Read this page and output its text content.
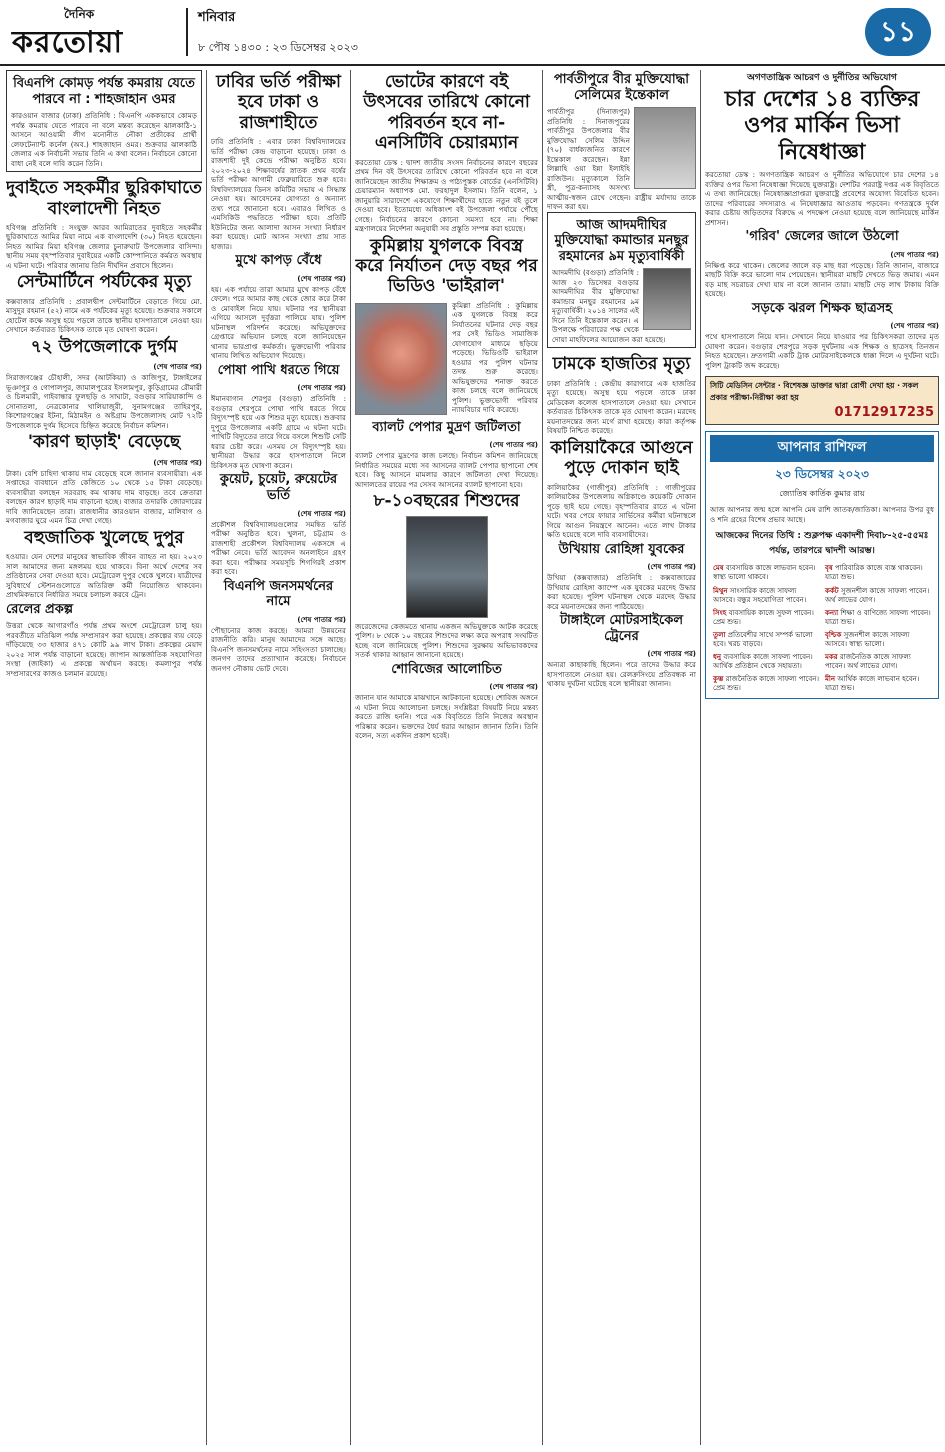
দৈনিক
করতোয়া
শনিবার
৮ পৌষ ১৪৩০ : ২৩ ডিসেম্বর ২০২৩	১১
বিএনপি কোমড় পর্যন্ত কমরায় যেতে পারবে না : শাহজাহান ওমর
কারওয়ান বাজার (ঢাকা) প্রতিনিধি : বিএনপি এককভাবে কোমড় পর্যন্ত কমরায় যেতে পারবে না বলে মন্তব্য করেছেন ঝালকাঠি-১ আসনে আওয়ামী লীগ মনোনীত নৌকা প্রতীকের প্রার্থী লেফটেন্যান্ট কর্নেল (অব.) শাহজাহান ওমর। শুক্রবার ঝালকাঠি জেলার এক নির্বাচনী সভায় তিনি এ কথা বলেন। নির্বাচনে কোনো বাধা নেই বলে দাবি করেন তিনি।
দুবাইতে সহকর্মীর ছুরিকাঘাতে বাংলাদেশী নিহত
হবিগঞ্জ প্রতিনিধি : সংযুক্ত আরব আমিরাতের দুবাইতে সহকর্মীর ছুরিকাঘাতে আমির মিয়া নামে এক বাংলাদেশি (৩০) নিহত হয়েছেন। নিহত আমির মিয়া হবিগঞ্জ জেলার চুনারুঘাট উপজেলার বাসিন্দা। স্থানীয় সময় বৃহস্পতিবার দুবাইয়ের একটি কোম্পানিতে কর্মরত অবস্থায় এ ঘটনা ঘটে। পরিবার জানায় তিনি দীর্ঘদিন প্রবাসে ছিলেন।
সেন্টমার্টিনে পর্যটকের মৃত্যু
কক্সবাজার প্রতিনিধি : প্রবালদ্বীপ সেন্টমার্টিনে বেড়াতে গিয়ে মো. মাসুদুর রহমান (৫২) নামে এক পর্যটকের মৃত্যু হয়েছে। শুক্রবার সকালে হোটেল কক্ষে অসুস্থ হয়ে পড়লে তাকে স্থানীয় হাসপাতালে নেওয়া হয়। সেখানে কর্তব্যরত চিকিৎসক তাকে মৃত ঘোষণা করেন।
৭২ উপজেলাকে দুর্গম
(শেষ পাতার পর)
সিরাজগঞ্জের চৌহালী, সদর (আটকিয়া) ও কাজিপুর, টাঙ্গাইলের ভূঞাপুর ও গোপালপুর, জামালপুরের ইসলামপুর, কুড়িগ্রামের রৌমারী ও চিলমারী, গাইবান্ধার ফুলছড়ি ও সাঘাটা, বগুড়ার সারিয়াকান্দি ও সোনাতলা, নেত্রকোনার খালিয়াজুরী, সুনামগঞ্জের তাহিরপুর, কিশোরগঞ্জের ইটনা, মিঠামইন ও অষ্টগ্রাম উপজেলাসহ মোট ৭২টি উপজেলাকে দুর্গম হিসেবে চিহ্নিত করেছে নির্বাচন কমিশন।
'কারণ ছাড়াই' বেড়েছে
(শেষ পাতার পর)
টাকা। বেশি চাহিদা থাকায় দাম বেড়েছে বলে জানান ব্যবসায়ীরা। এক সপ্তাহের ব্যবধানে প্রতি কেজিতে ১০ থেকে ১৫ টাকা বেড়েছে। ব্যবসায়ীরা বলছেন সরবরাহ কম থাকায় দাম বাড়ছে। তবে ক্রেতারা বলছেন কারণ ছাড়াই দাম বাড়ানো হচ্ছে। বাজার তদারকি জোরদারের দাবি জানিয়েছেন তারা। রাজধানীর কারওয়ান বাজার, মালিবাগ ও মগবাজার ঘুরে এমন চিত্র দেখা গেছে।
বহুজাতিক খুলেছে দুপুর
হওয়ার। যেন দেশের মানুষের স্বাভাবিক জীবন ব্যাহত না হয়। ২০২৩ সাল আমাদের জন্য মঙ্গলময় হয়ে থাকবে। বিনা অর্থে দেশের সব প্রতিষ্ঠানের সেবা দেওয়া হবে। মেট্রোরেল দুপুর থেকে খুলবে। যাত্রীদের সুবিধার্থে স্টেশনগুলোতে অতিরিক্ত কর্মী নিয়োজিত থাকবেন। প্রাথমিকভাবে নির্ধারিত সময়ে চলাচল করবে ট্রেন।
রেলের প্রকল্প
উত্তরা থেকে আগারগাঁও পর্যন্ত প্রথম অংশে মেট্রোরেল চালু হয়। পরবর্তীতে মতিঝিল পর্যন্ত সম্প্রসারণ করা হয়েছে। প্রকল্পের ব্যয় বেড়ে দাঁড়িয়েছে ৩৩ হাজার ৪৭১ কোটি ৯৯ লাখ টাকা। প্রকল্পের মেয়াদ ২০২৫ সাল পর্যন্ত বাড়ানো হয়েছে। জাপান আন্তর্জাতিক সহযোগিতা সংস্থা (জাইকা) এ প্রকল্পে অর্থায়ন করছে। কমলাপুর পর্যন্ত সম্প্রসারণের কাজও চলমান রয়েছে।
ঢাবির ভর্তি পরীক্ষা হবে ঢাকা ও রাজশাহীতে
ঢাবি প্রতিনিধি : এবার ঢাকা বিশ্ববিদ্যালয়ের ভর্তি পরীক্ষা কেন্দ্র বাড়ানো হয়েছে। ঢাকা ও রাজশাহী দুই কেন্দ্রে পরীক্ষা অনুষ্ঠিত হবে। ২০২৩-২০২৪ শিক্ষাবর্ষের স্নাতক প্রথম বর্ষের ভর্তি পরীক্ষা আগামী ফেব্রুয়ারিতে শুরু হবে। বিশ্ববিদ্যালয়ের ডিনস কমিটির সভায় এ সিদ্ধান্ত নেওয়া হয়। আবেদনের যোগ্যতা ও অন্যান্য তথ্য পরে জানানো হবে। এবারও লিখিত ও এমসিকিউ পদ্ধতিতে পরীক্ষা হবে। প্রতিটি ইউনিটের জন্য আলাদা আসন সংখ্যা নির্ধারণ করা হয়েছে। মোট আসন সংখ্যা প্রায় সাত হাজার।
মুখে কাপড় বেঁধে
(শেষ পাতার পর)
হয়। এক পর্যায়ে তারা আমার মুখে কাপড় বেঁধে ফেলে। পরে আমার কাছ থেকে জোর করে টাকা ও মোবাইল নিয়ে যায়। ঘটনার পর স্থানীয়রা এগিয়ে আসলে দুর্বৃত্তরা পালিয়ে যায়। পুলিশ ঘটনাস্থল পরিদর্শন করেছে। অভিযুক্তদের গ্রেপ্তারে অভিযান চলছে বলে জানিয়েছেন থানার ভারপ্রাপ্ত কর্মকর্তা। ভুক্তভোগী পরিবার থানায় লিখিত অভিযোগ দিয়েছে।
পোষা পাখি ধরতে গিয়ে
(শেষ পাতার পর)
ঈমানবাগান শেরপুর (বগুড়া) প্রতিনিধি : বগুড়ার শেরপুরে পোষা পাখি ধরতে গিয়ে বিদ্যুৎস্পৃষ্ট হয়ে এক শিশুর মৃত্যু হয়েছে। শুক্রবার দুপুরে উপজেলার একটি গ্রামে এ ঘটনা ঘটে। পাখিটি বিদ্যুতের তারে গিয়ে বসলে শিশুটি সেটি ধরার চেষ্টা করে। এসময় সে বিদ্যুৎস্পৃষ্ট হয়। স্থানীয়রা উদ্ধার করে হাসপাতালে নিলে চিকিৎসক মৃত ঘোষণা করেন।
কুয়েট, চুয়েট, রুয়েটের ভর্তি
(শেষ পাতার পর)
প্রকৌশল বিশ্ববিদ্যালয়গুলোর সমন্বিত ভর্তি পরীক্ষা অনুষ্ঠিত হবে। খুলনা, চট্টগ্রাম ও রাজশাহী প্রকৌশল বিশ্ববিদ্যালয় একসঙ্গে এ পরীক্ষা নেবে। ভর্তি আবেদন অনলাইনে গ্রহণ করা হবে। পরীক্ষার সময়সূচি শিগগিরই প্রকাশ করা হবে।
বিএনপি জনসমর্থনের নামে
(শেষ পাতার পর)
পৌছানোর কাজ করছে। আমরা উন্নয়নের রাজনীতি করি। মানুষ আমাদের সঙ্গে আছে। বিএনপি জনসমর্থনের নামে সহিংসতা চালাচ্ছে। জনগণ তাদের প্রত্যাখ্যান করেছে। নির্বাচনে জনগণ নৌকায় ভোট দেবে।
ভোটের কারণে বই উৎসবের তারিখে কোনো পরিবর্তন হবে না-এনসিটিবি চেয়ারম্যান
করতোয়া ডেস্ক : দ্বাদশ জাতীয় সংসদ নির্বাচনের কারণে বছরের প্রথম দিন বই উৎসবের তারিখে কোনো পরিবর্তন হবে না বলে জানিয়েছেন জাতীয় শিক্ষাক্রম ও পাঠ্যপুস্তক বোর্ডের (এনসিটিবি) চেয়ারম্যান অধ্যাপক মো. ফরহাদুল ইসলাম। তিনি বলেন, ১ জানুয়ারি সারাদেশে একযোগে শিক্ষার্থীদের হাতে নতুন বই তুলে দেওয়া হবে। ইতোমধ্যে অধিকাংশ বই উপজেলা পর্যায়ে পৌঁছে গেছে। নির্বাচনের কারণে কোনো সমস্যা হবে না। শিক্ষা মন্ত্রণালয়ের নির্দেশনা অনুযায়ী সব প্রস্তুতি সম্পন্ন করা হয়েছে।
কুমিল্লায় যুগলকে বিবস্ত্র করে নির্যাতন দেড় বছর পর ভিডিও 'ভাইরাল'
কুমিল্লা প্রতিনিধি : কুমিল্লায় এক যুগলকে বিবস্ত্র করে নির্যাতনের ঘটনার দেড় বছর পর সেই ভিডিও সামাজিক যোগাযোগ মাধ্যমে ছড়িয়ে পড়েছে। ভিডিওটি ভাইরাল হওয়ার পর পুলিশ ঘটনার তদন্ত শুরু করেছে। অভিযুক্তদের শনাক্ত করতে কাজ চলছে বলে জানিয়েছে পুলিশ। ভুক্তভোগী পরিবার ন্যায়বিচার দাবি করেছে।
ব্যালট পেপার মুদ্রণ জটিলতা
(শেষ পাতার পর)
ব্যালট পেপার মুদ্রণের কাজ চলছে। নির্বাচন কমিশন জানিয়েছে নির্ধারিত সময়ের মধ্যে সব আসনের ব্যালট পেপার ছাপানো শেষ হবে। কিছু আসনে মামলার কারণে জটিলতা দেখা দিয়েছে। আদালতের রায়ের পর সেসব আসনের ব্যালট ছাপানো হবে।
৮-১০বছরের শিশুদের
জরেজেদের কেজমতে থানায় একজন অভিযুক্তকে আটক করেছে পুলিশ। ৮ থেকে ১০ বছরের শিশুদের লক্ষ্য করে অপরাধ সংঘটিত হচ্ছে বলে জানিয়েছে পুলিশ। শিশুদের সুরক্ষায় অভিভাবকদের সতর্ক থাকার আহ্বান জানানো হয়েছে।
শোবিজের আলোচিত
(শেষ পাতার পর)
জানান যান আমাকে মাঝখানে আটকানো হয়েছে। শোবিজ অঙ্গনে এ ঘটনা নিয়ে আলোচনা চলছে। সংশ্লিষ্টরা বিষয়টি নিয়ে মন্তব্য করতে রাজি হননি। পরে এক বিবৃতিতে তিনি নিজের অবস্থান পরিষ্কার করেন। ভক্তদের ধৈর্য ধরার আহ্বান জানান তিনি। তিনি বলেন, সত্য একদিন প্রকাশ হবেই।
পার্বতীপুরে বীর মুক্তিযোদ্ধা সেলিমের ইন্তেকাল
পার্বতীপুর (দিনাজপুর) প্রতিনিধি : দিনাজপুরের পার্বতীপুর উপজেলার বীর মুক্তিযোদ্ধা সেলিম উদ্দিন (৭০) বার্ধক্যজনিত কারণে ইন্তেকাল করেছেন। ইন্না লিল্লাহি ওয়া ইন্না ইলাইহি রাজিউন। মৃত্যুকালে তিনি স্ত্রী, পুত্র-কন্যাসহ অসংখ্য আত্মীয়-স্বজন রেখে গেছেন। রাষ্ট্রীয় মর্যাদায় তাকে দাফন করা হয়।
আজ আদমদীঘির মুক্তিযোদ্ধা কমান্ডার মনছুর রহমানের ৯ম মৃত্যুবার্ষিকী
আদমদীঘি (বগুড়া) প্রতিনিধি : আজ ২৩ ডিসেম্বর বগুড়ার আদমদীঘির বীর মুক্তিযোদ্ধা কমান্ডার মনছুর রহমানের ৯ম মৃত্যুবার্ষিকী। ২০১৪ সালের এই দিনে তিনি ইন্তেকাল করেন। এ উপলক্ষে পরিবারের পক্ষ থেকে দোয়া মাহফিলের আয়োজন করা হয়েছে।
ঢামকে হাজতির মৃত্যু
ঢাকা প্রতিনিধি : কেন্দ্রীয় কারাগারে এক হাজতির মৃত্যু হয়েছে। অসুস্থ হয়ে পড়লে তাকে ঢাকা মেডিকেল কলেজ হাসপাতালে নেওয়া হয়। সেখানে কর্তব্যরত চিকিৎসক তাকে মৃত ঘোষণা করেন। মরদেহ ময়নাতদন্তের জন্য মর্গে রাখা হয়েছে। কারা কর্তৃপক্ষ বিষয়টি নিশ্চিত করেছে।
কালিয়াকৈরে আগুনে পুড়ে দোকান ছাই
কালিয়াকৈর (গাজীপুর) প্রতিনিধি : গাজীপুরের কালিয়াকৈর উপজেলায় অগ্নিকাণ্ডে কয়েকটি দোকান পুড়ে ছাই হয়ে গেছে। বৃহস্পতিবার রাতে এ ঘটনা ঘটে। খবর পেয়ে ফায়ার সার্ভিসের কর্মীরা ঘটনাস্থলে গিয়ে আগুন নিয়ন্ত্রণে আনেন। এতে লাখ টাকার ক্ষতি হয়েছে বলে দাবি ব্যবসায়ীদের।
উখিয়ায় রোহিঙ্গা যুবকের
(শেষ পাতার পর)
উখিয়া (কক্সবাজার) প্রতিনিধি : কক্সবাজারের উখিয়ায় রোহিঙ্গা ক্যাম্পে এক যুবকের মরদেহ উদ্ধার করা হয়েছে। পুলিশ ঘটনাস্থল থেকে মরদেহ উদ্ধার করে ময়নাতদন্তের জন্য পাঠিয়েছে।
টাঙ্গাইলে মোটরসাইকেল ট্রেনের
(শেষ পাতার পর)
অন্যরা কাছাকাছি ছিলেন। পরে তাদের উদ্ধার করে হাসপাতালে নেওয়া হয়। রেলক্রসিংয়ে প্রতিবন্ধক না থাকায় দুর্ঘটনা ঘটেছে বলে স্থানীয়রা জানান।
অগণতান্ত্রিক আচরণ ও দুর্নীতির অভিযোগ
চার দেশের ১৪ ব্যক্তির ওপর মার্কিন ভিসা নিষেধাজ্ঞা
করতোয়া ডেস্ক : অগণতান্ত্রিক আচরণ ও দুর্নীতির অভিযোগে চার দেশের ১৪ ব্যক্তির ওপর ভিসা নিষেধাজ্ঞা দিয়েছে যুক্তরাষ্ট্র। দেশটির পররাষ্ট্র দপ্তর এক বিবৃতিতে এ তথ্য জানিয়েছে। নিষেধাজ্ঞাপ্রাপ্তরা যুক্তরাষ্ট্রে প্রবেশের অযোগ্য বিবেচিত হবেন। তাদের পরিবারের সদস্যরাও এ নিষেধাজ্ঞার আওতায় পড়বেন। গণতন্ত্রকে দুর্বল করার চেষ্টায় জড়িতদের বিরুদ্ধে এ পদক্ষেপ নেওয়া হয়েছে বলে জানিয়েছে মার্কিন প্রশাসন।
'গরিব' জেলের জালে উঠলো
(শেষ পাতার পর)
নিক্ষিপ্ত করে থাকেন। জেলের জালে বড় মাছ ধরা পড়েছে। তিনি জানান, বাজারে মাছটি বিক্রি করে ভালো দাম পেয়েছেন। স্থানীয়রা মাছটি দেখতে ভিড় জমায়। এমন বড় মাছ সচরাচর দেখা যায় না বলে জানান তারা। মাছটি দেড় লাখ টাকায় বিক্রি হয়েছে।
সড়কে ঝরল শিক্ষক ছাত্রসহ
(শেষ পাতার পর)
পথে হাসপাতালে নিয়ে যান। সেখানে নিয়ে যাওয়ার পর চিকিৎসকরা তাদের মৃত ঘোষণা করেন। বগুড়ার শেরপুরে সড়ক দুর্ঘটনায় এক শিক্ষক ও ছাত্রসহ তিনজন নিহত হয়েছেন। দ্রুতগামী একটি ট্রাক মোটরসাইকেলকে ধাক্কা দিলে এ দুর্ঘটনা ঘটে। পুলিশ ট্রাকটি জব্দ করেছে।
সিটি মেডিসিন সেন্টার · বিশেষজ্ঞ ডাক্তার দ্বারা রোগী দেখা হয় · সকল প্রকার পরীক্ষা-নিরীক্ষা করা হয়
01712917235
আপনার রাশিফল
২৩ ডিসেম্বর ২০২৩
জ্যোতিষ কার্তিক কুমার রায়
আজ আপনার জন্ম হলে আপনি মেষ রাশি জাতক/জাতিকা। আপনার উপর বুধ ও শনি গ্রহের বিশেষ প্রভাব আছে।
আজকের দিনের তিথি : শুক্লপক্ষ একাদশী দিবা৮-২৫-৫৫মঃ পর্যন্ত, তারপরে দ্বাদশী আরম্ভ।
মেষ ব্যবসায়িক কাজে লাভবান হবেন। স্বাস্থ্য ভালো থাকবে।
বৃষ পারিবারিক কাজে ব্যস্ত থাকবেন। যাত্রা শুভ।
মিথুন সাংসারিক কাজে সাফল্য আসবে। বন্ধুর সহযোগিতা পাবেন।
কর্কট সুজনশীল কাজে সাফল্য পাবেন। অর্থ লাভের যোগ।
সিংহ ব্যবসায়িক কাজে সুফল পাবেন। প্রেম শুভ।
কন্যা শিক্ষা ও বাণিজ্যে সাফল্য পাবেন। যাত্রা শুভ।
তুলা প্রতিবেশীর সাথে সম্পর্ক ভালো হবে। খরচ বাড়বে।
বৃশ্চিক সুজনশীল কাজে সাফল্য আসবে। স্বাস্থ্য ভালো।
ধনু ব্যবসায়িক কাজে সাফল্য পাবেন। আর্থিক প্রতিষ্ঠান থেকে সহায়তা।
মকর রাজনৈতিক কাজে সাফল্য পাবেন। অর্থ লাভের যোগ।
কুম্ভ রাজনৈতিক কাজে সাফল্য পাবেন। প্রেম শুভ।
মীন আর্থিক কাজে লাভবান হবেন। যাত্রা শুভ।
